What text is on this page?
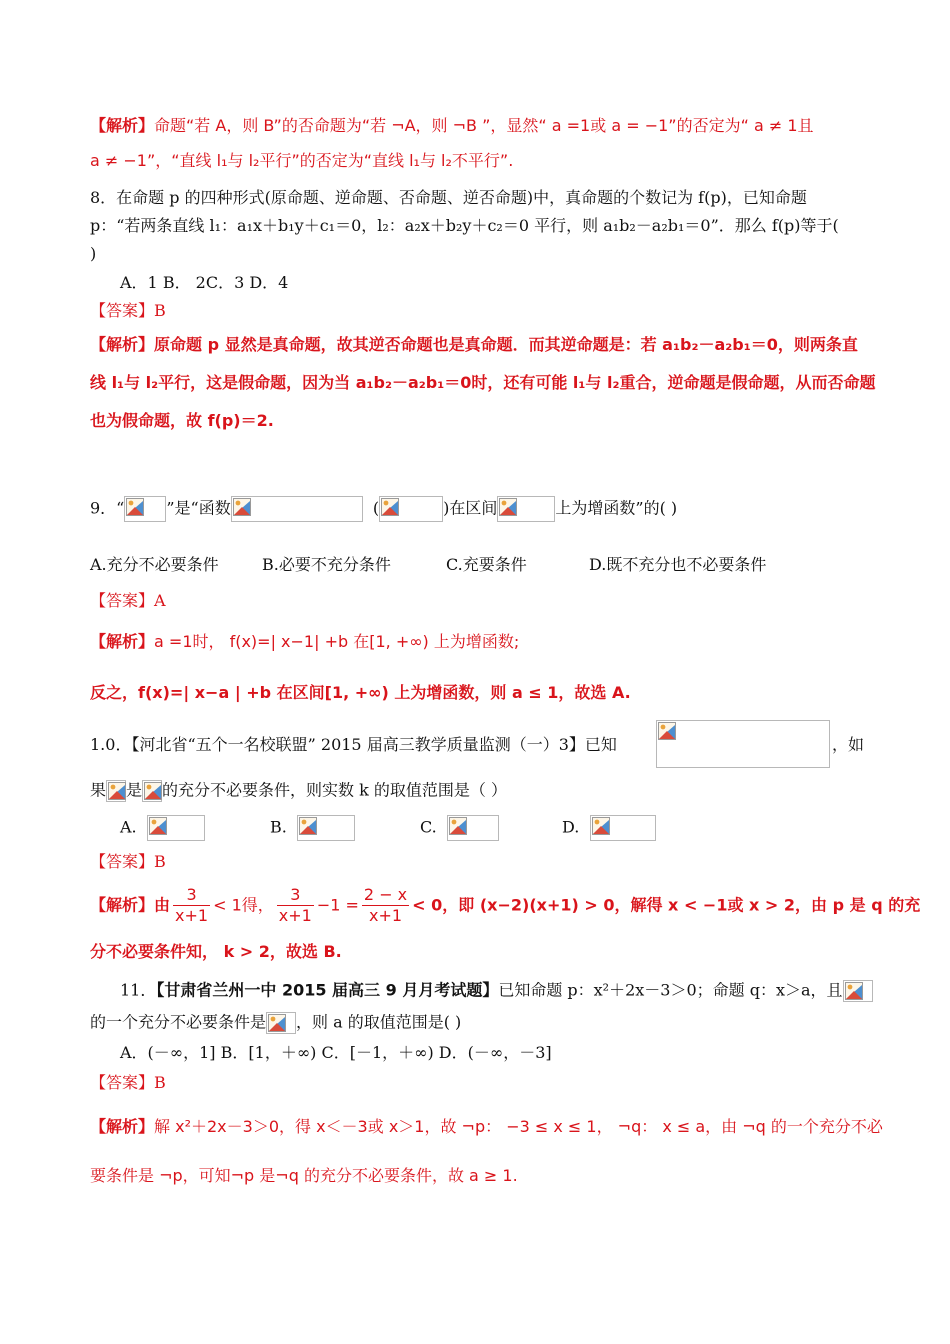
【解析】命题“若 A，则 B”的否命题为“若 ¬A，则 ¬B ”，显然“ a =1或 a = −1”的否定为“ a ≠ 1且
a ≠ −1”，“直线 l₁与 l₂平行”的否定为“直线 l₁与 l₂不平行”.
8．在命题 p 的四种形式(原命题、逆命题、否命题、逆否命题)中，真命题的个数记为 f(p)，已知命题
p：“若两条直线 l₁：a₁x＋b₁y＋c₁＝0，l₂：a₂x＋b₂y＋c₂＝0 平行，则 a₁b₂－a₂b₁＝0”．那么 f(p)等于(
)
A．1 B． 2C．3 D．4
【答案】B
【解析】原命题 p 显然是真命题，故其逆否命题也是真命题．而其逆命题是：若 a₁b₂－a₂b₁＝0，则两条直
线 l₁与 l₂平行，这是假命题，因为当 a₁b₂－a₂b₁＝0时，还有可能 l₁与 l₂重合，逆命题是假命题，从而否命题
也为假命题，故 f(p)＝2.
9．“	”是“函数	(	)在区间	上为增函数”的( )
A.充分不必要条件	B.必要不充分条件	C.充要条件	D.既不充分也不必要条件
【答案】A
【解析】a =1时， f(x)=| x−1| +b 在[1, +∞) 上为增函数;
反之，f(x)=| x−a | +b 在区间[1, +∞) 上为增函数，则 a ≤ 1，故选 A.
1.0．【河北省“五个一名校联盟” 2015 届高三教学质量监测（一）3】已知	，如
果 是 的充分不必要条件，则实数 k 的取值范围是（ ）
A.	B.	C.	D.
【答案】B
【解析】由 $\frac{3}{x+1} < 1$得， $\frac{3}{x+1} -1 = \frac{2 - x}{x+1} < 0$，即 (x−2)(x+1) > 0，解得 x < −1或 x > 2，由 p 是 q 的充
分不必要条件知， k > 2，故选 B.
11．【甘肃省兰州一中 2015 届高三 9 月月考试题】已知命题 p：x²＋2x－3＞0；命题 q：x＞a，且
的一个充分不必要条件是 ，则 a 的取值范围是( )
A．(－∞，1] B．[1，＋∞) C．[－1，＋∞) D．(－∞，－3]
【答案】B
【解析】解 x²＋2x－3＞0，得 x＜－3或 x＞1，故 ¬p： −3 ≤ x ≤ 1， ¬q： x ≤ a，由 ¬q 的一个充分不必
要条件是 ¬p，可知¬p 是¬q 的充分不必要条件，故 a ≥ 1.
